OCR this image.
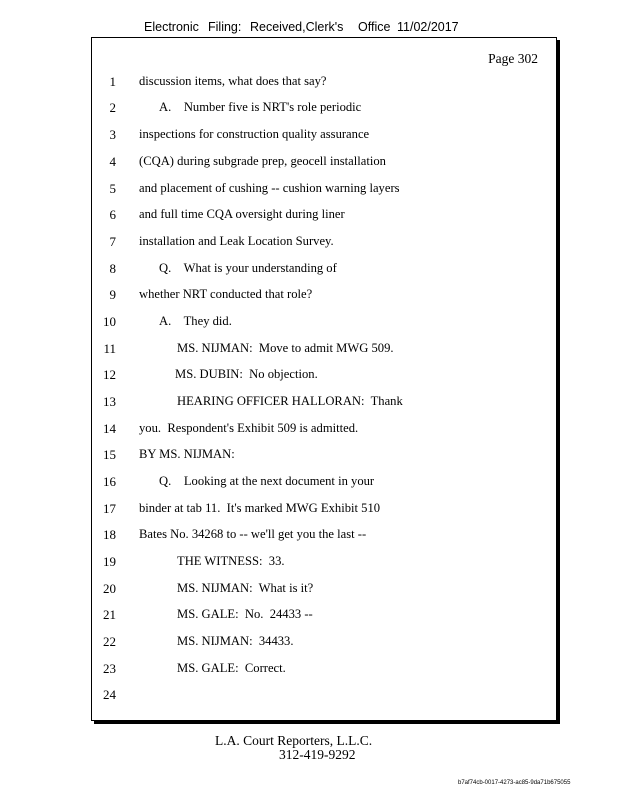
Electronic Filing: Received,Clerk's Office 11/02/2017
Page 302
1 discussion items, what does that say?
2	A.    Number five is NRT's role periodic
3 inspections for construction quality assurance
4 (CQA) during subgrade prep, geocell installation
5 and placement of cushing -- cushion warning layers
6 and full time CQA oversight during liner
7 installation and Leak Location Survey.
8	Q.    What is your understanding of
9 whether NRT conducted that role?
10	A.    They did.
11	MS. NIJMAN:  Move to admit MWG 509.
12	MS. DUBIN:  No objection.
13	HEARING OFFICER HALLORAN:  Thank
14 you.  Respondent's Exhibit 509 is admitted.
15 BY MS. NIJMAN:
16	Q.    Looking at the next document in your
17 binder at tab 11.  It's marked MWG Exhibit 510
18 Bates No. 34268 to -- we'll get you the last --
19	THE WITNESS:  33.
20	MS. NIJMAN:  What is it?
21	MS. GALE:  No.  24433 --
22	MS. NIJMAN:  34433.
23	MS. GALE:  Correct.
24
L.A. Court Reporters, L.L.C.
312-419-9292
b7af74cb-0017-4273-ac85-9da71b675055
